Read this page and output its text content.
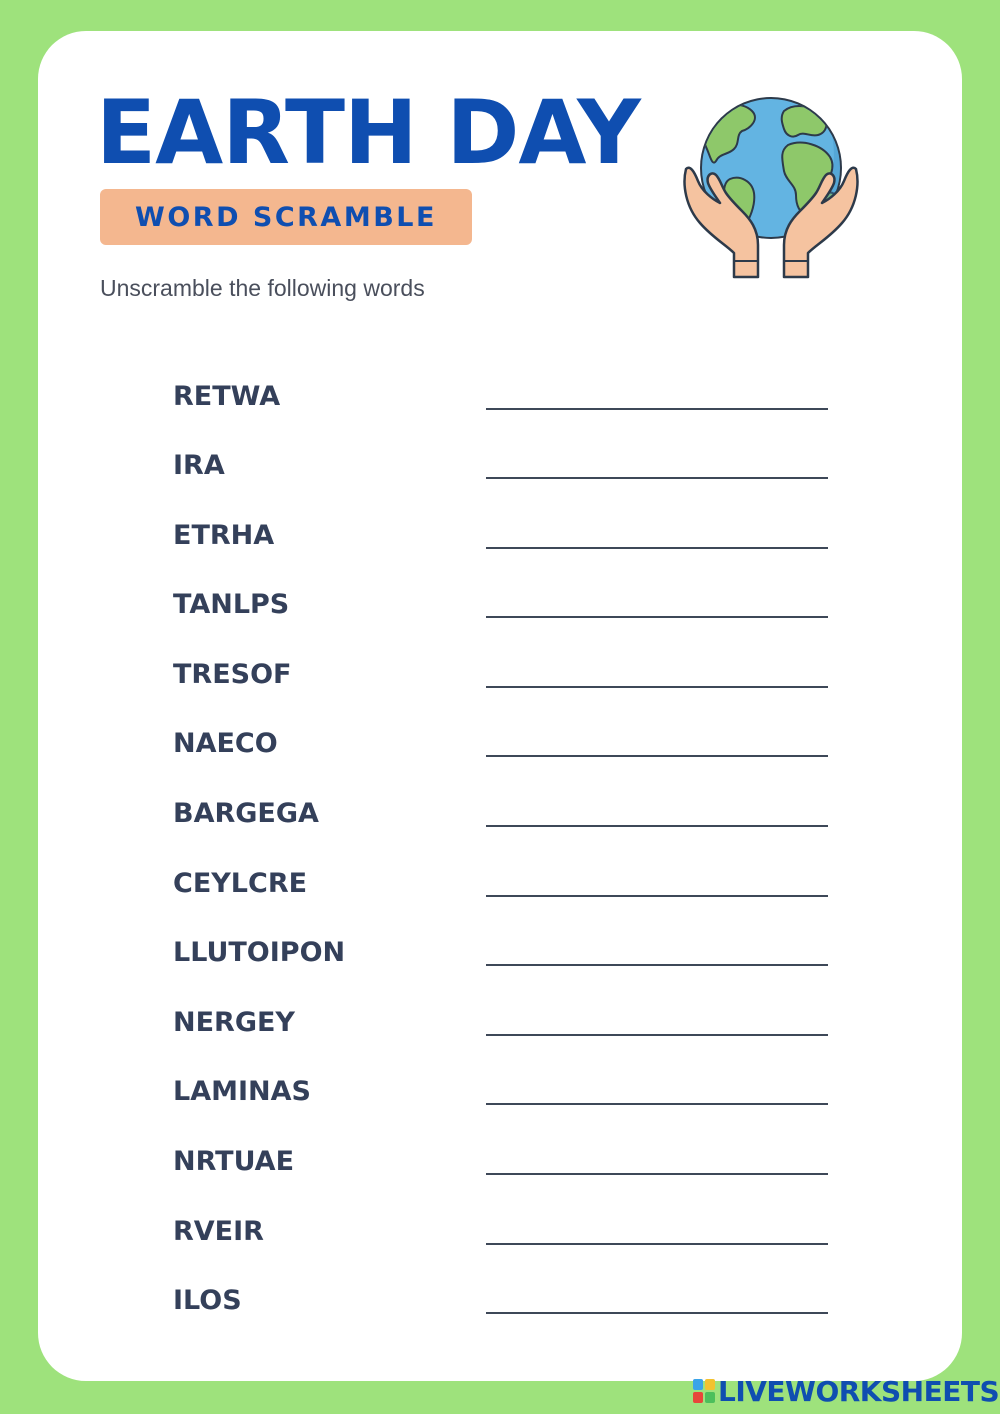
EARTH DAY
WORD SCRAMBLE
Unscramble the following words
RETWA
IRA
ETRHA
TANLPS
TRESOF
NAECO
BARGEGA
CEYLCRE
LLUTOIPON
NERGEY
LAMINAS
NRTUAE
RVEIR
ILOS
LIVEWORKSHEETS
